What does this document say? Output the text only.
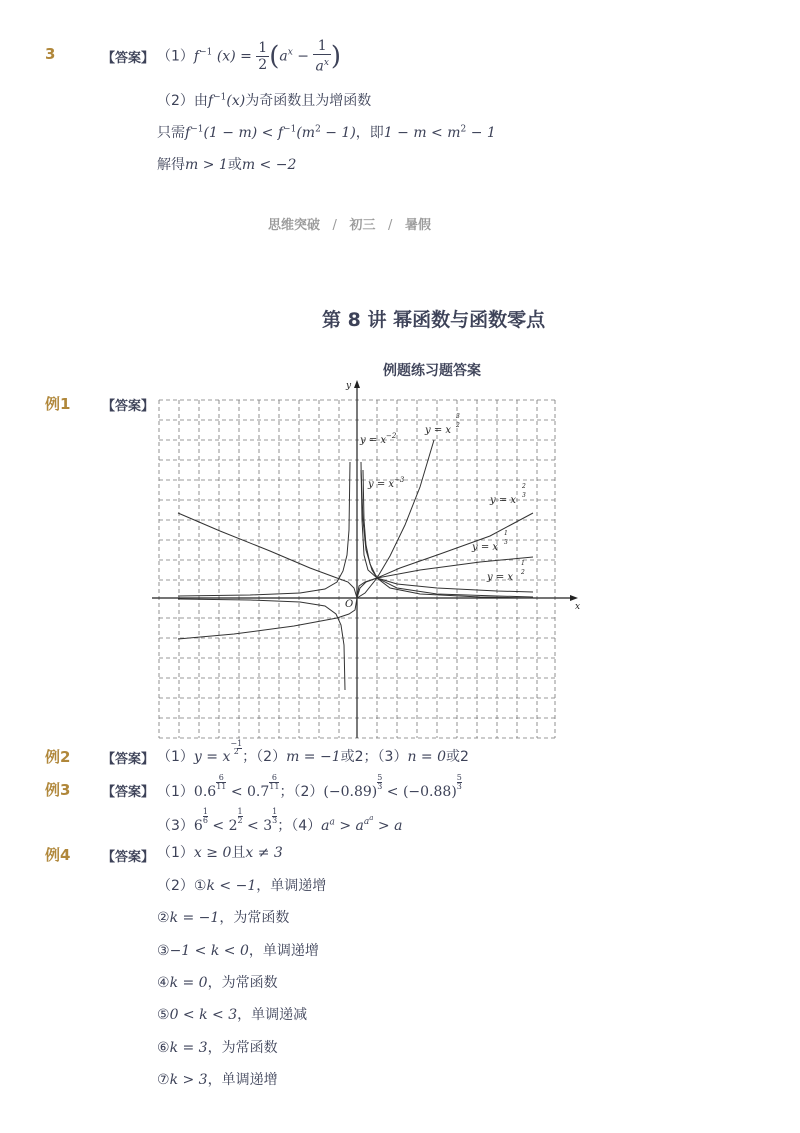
3	【答案】 $(1)f^{-1}$ $(x) = \frac{1}{2} (a^x - \frac{1}{a^x}$ )
（2）由$f^{-1}(x)$为奇函数且为增函数
只需$f^{-1}(1 - m) < f^{-1}(m^2 - 1)$，即$1 - m < m^2 - 1$
解得m > 1或m < −2
思维突破 / 初三 / 暑假
第 8 讲 幂函数与函数零点
例题练习题答案
例1 【答案】
y
x
O
$y = x^{-2}$
$y = x^{-3}$
y = x
3
2
y = x
2
3
y = x
1
3
y = x
1
2
例2 【答案】 （1）y = x
−1
2 ；（2）m = −1或2；（3）n = 0或2
例3 【答案】 （1）0.6
$\frac{6}{11}$
< 0.7
$\frac{6}{11}$
；（2）(−0.89)
$\frac{5}{3}$
< (−0.88)
$\frac{5}{3}$
（3）6
$\frac{1}{6}$
< 2
$\frac{1}{2}$
< 3
$\frac{1}{3}$
；$(4)a^a > a^{a^a} > a$
例4 【答案】 （1）x ≥ 0且x ≠ 3
（2）①k < −1，单调递增
②k = −1，为常函数
③−1 < k < 0，单调递增
④k = 0，为常函数
⑤0 < k < 3，单调递减
⑥k = 3，为常函数
⑦k > 3，单调递增
